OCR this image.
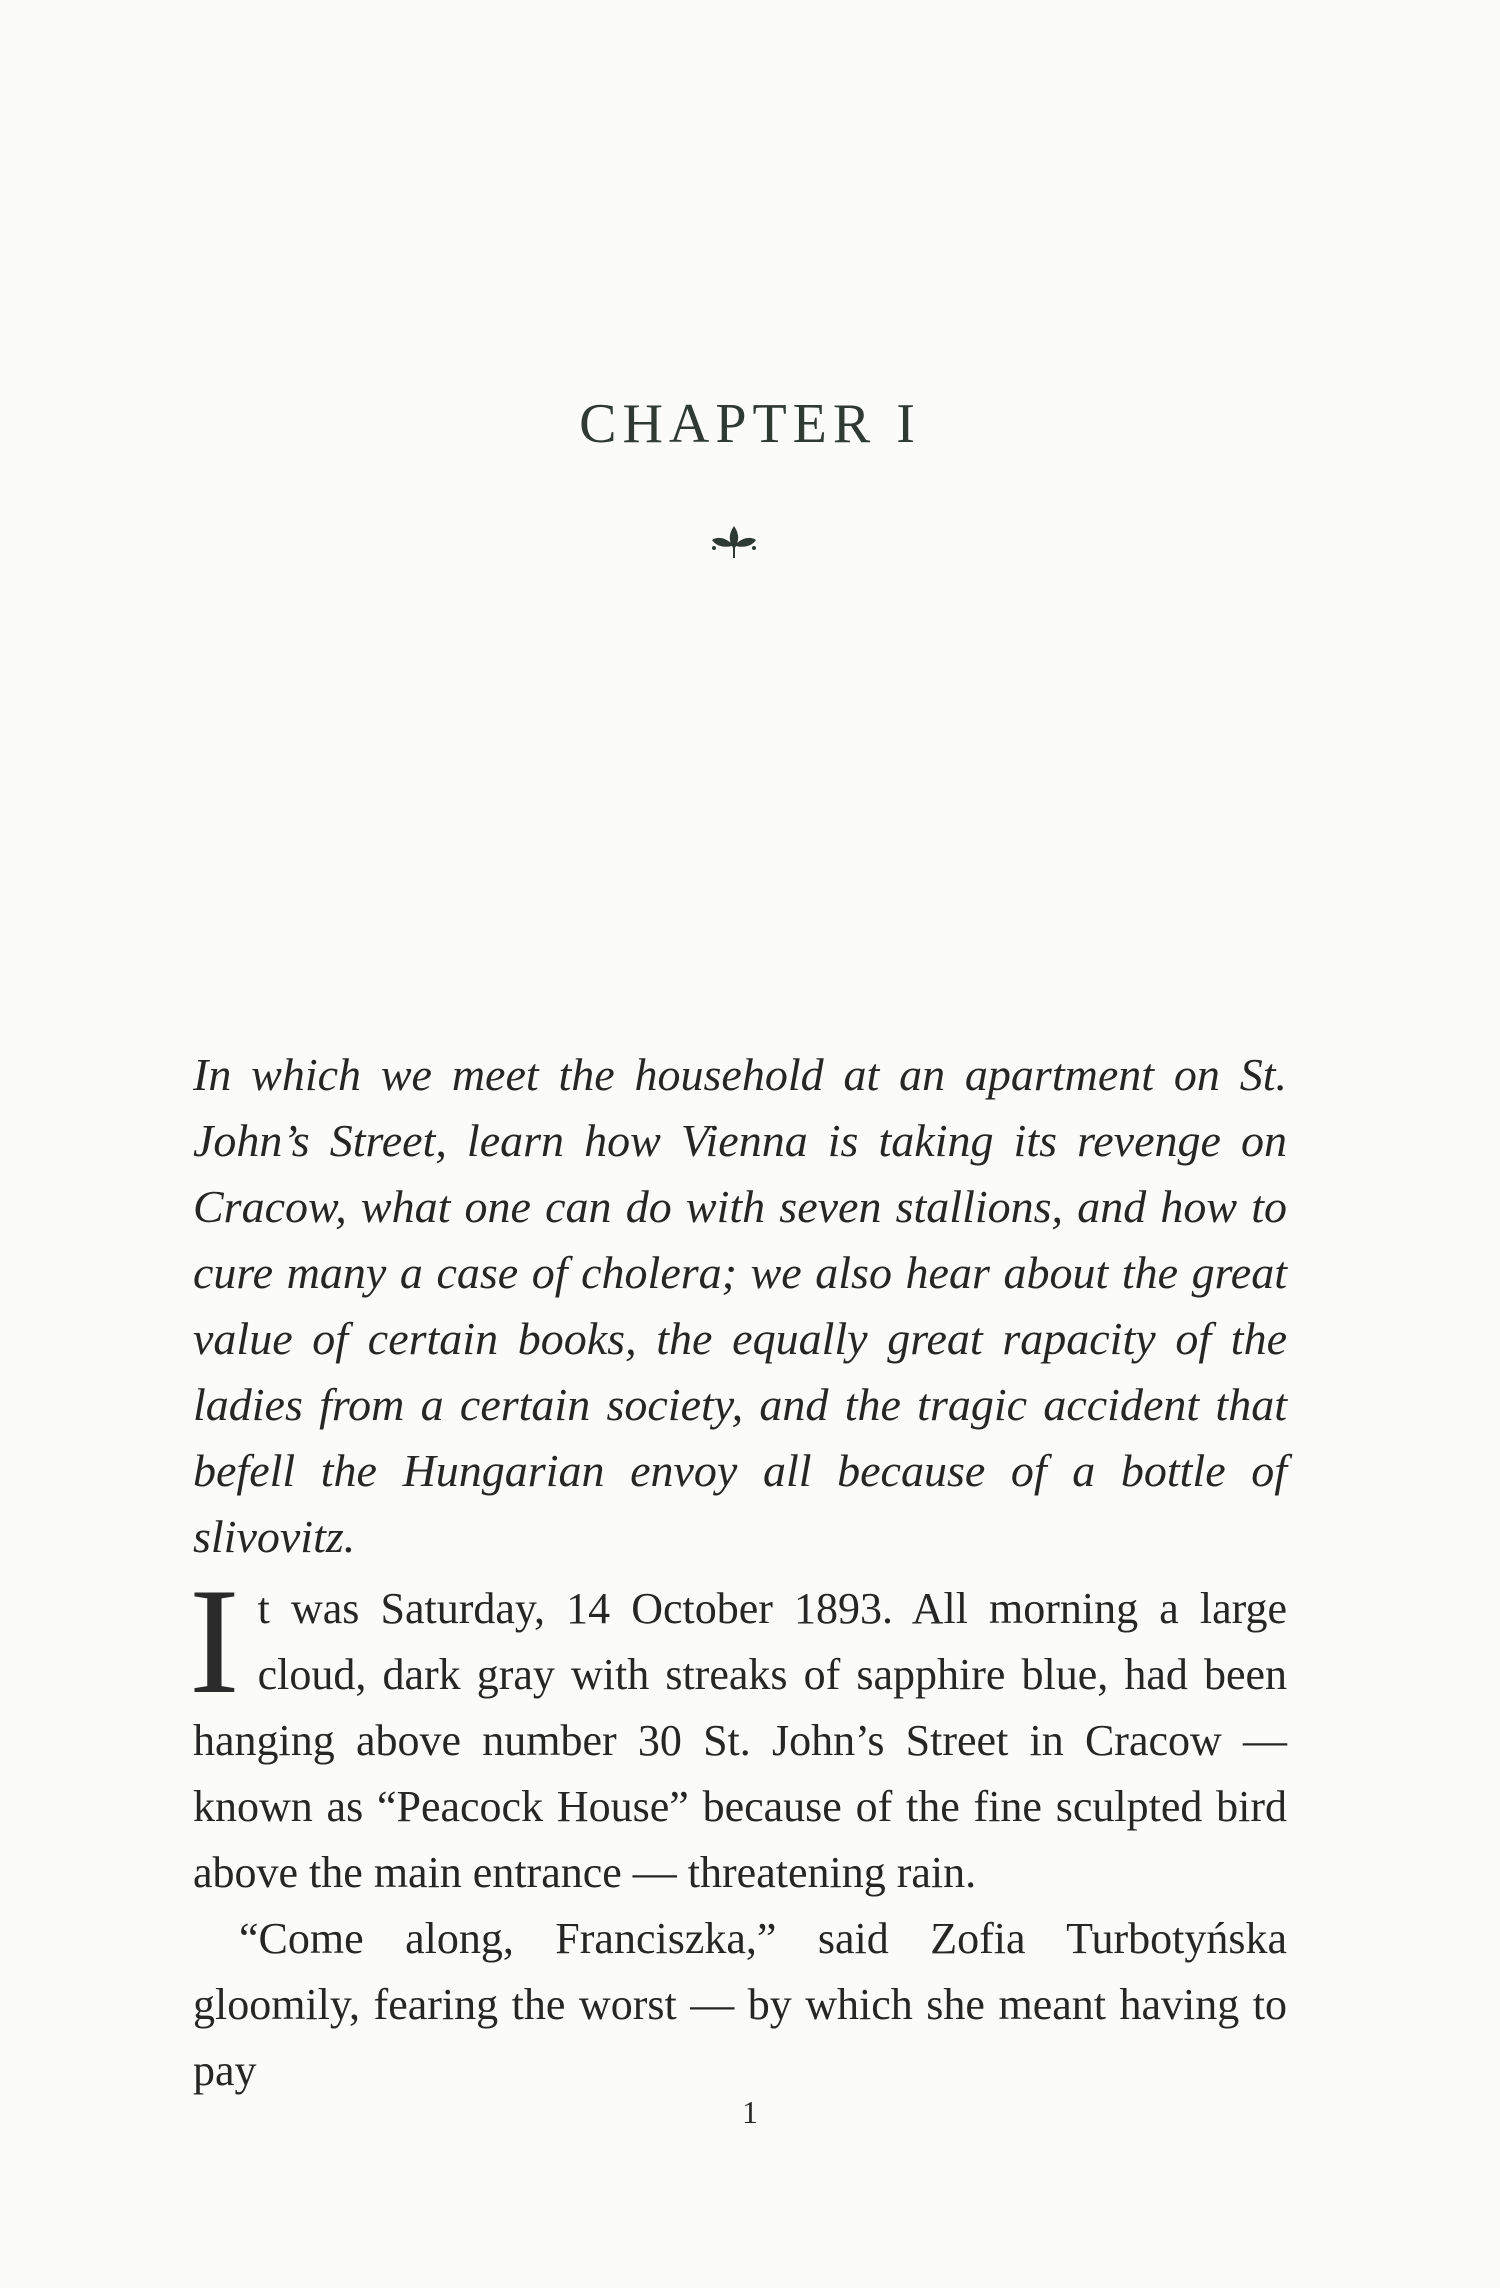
CHAPTER I

In which we meet the household at an apartment on St. John’s Street, learn how Vienna is taking its revenge on Cracow, what one can do with seven stallions, and how to cure many a case of cholera; we also hear about the great value of certain books, the equally great rapacity of the ladies from a certain society, and the tragic accident that befell the Hungarian envoy all because of a bottle of slivovitz.

It was Saturday, 14 October 1893. All morning a large cloud, dark gray with streaks of sapphire blue, had been hanging above number 30 St. John’s Street in Cracow — known as “Peacock House” because of the fine sculpted bird above the main entrance — threatening rain.

“Come along, Franciszka,” said Zofia Turbotyńska gloomily, fearing the worst — by which she meant having to pay

1
